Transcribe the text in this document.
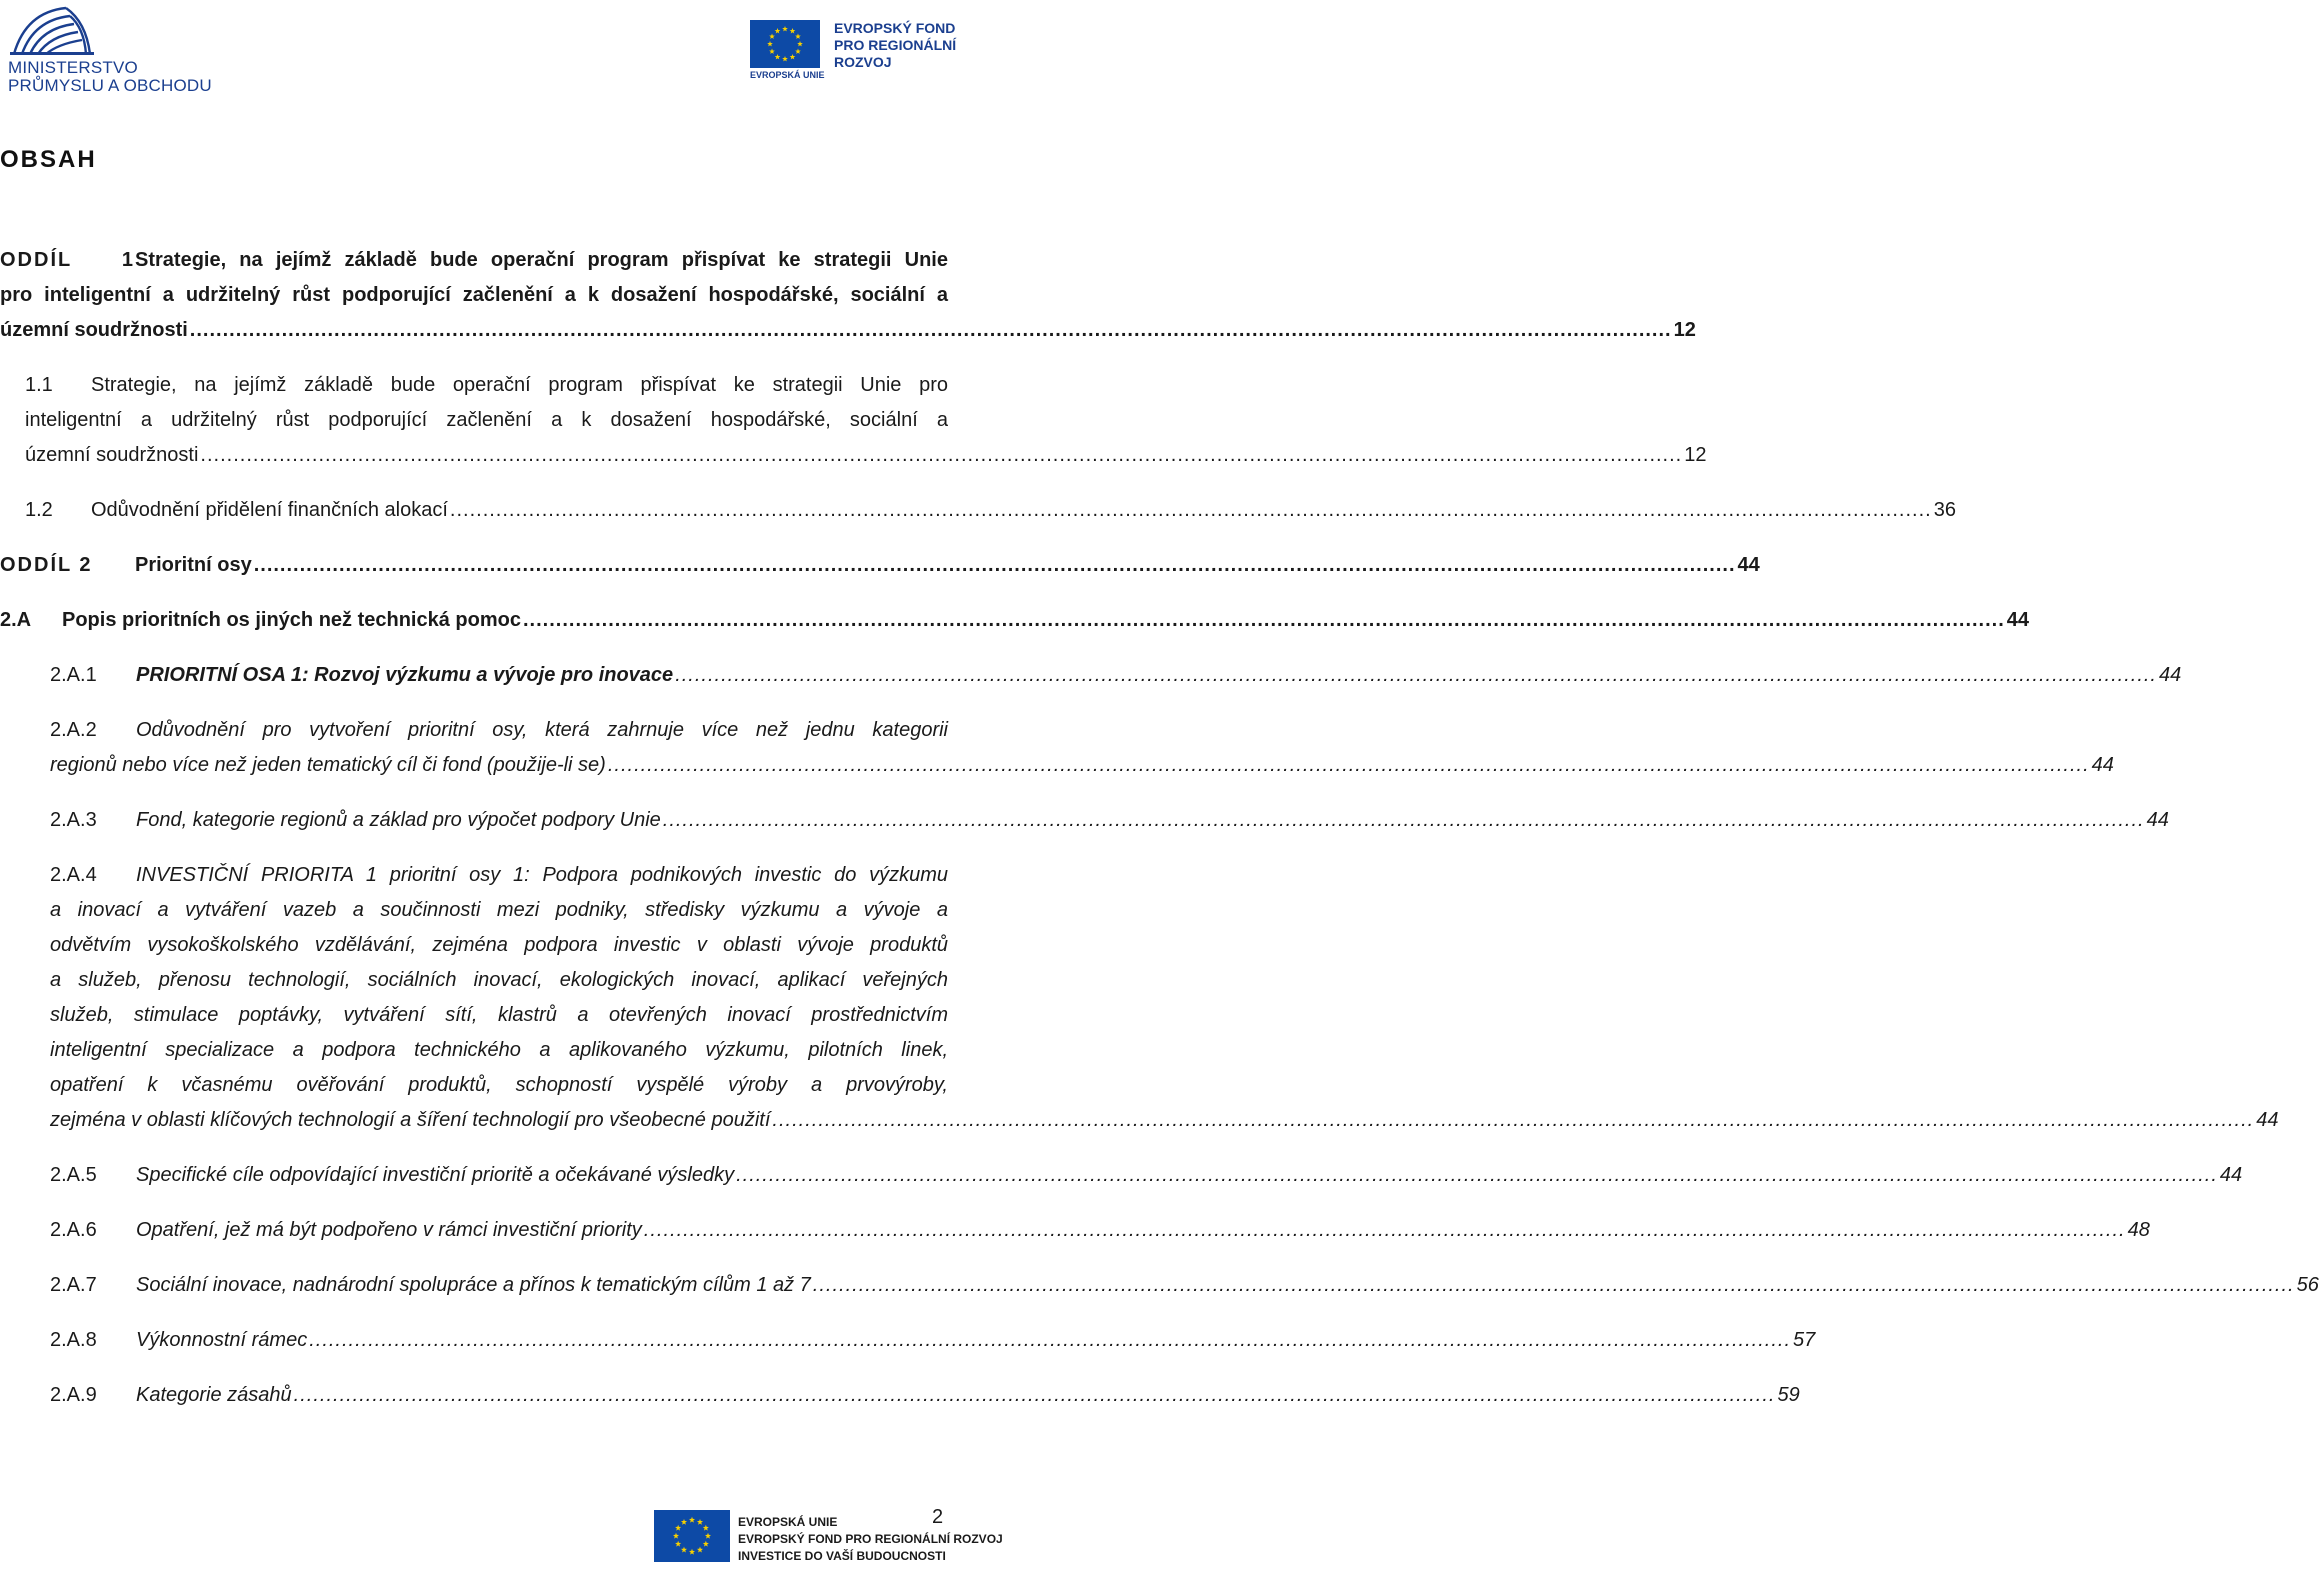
MINISTERSTVO
PRŮMYSLU A OBCHODU
EVROPSKÁ UNIE
EVROPSKÝ FOND
PRO REGIONÁLNÍ
ROZVOJ
OBSAH
ODDÍL 1Strategie, na jejímž základě bude operační program přispívat ke strategii Unie
pro inteligentní a udržitelný růst podporující začlenění a k dosažení hospodářské, sociální a
územní soudržnosti .....	12
1.1 Strategie, na jejímž základě bude operační program přispívat ke strategii Unie pro
inteligentní a udržitelný růst podporující začlenění a k dosažení hospodářské, sociální a
územní soudržnosti .....	12
1.2 Odůvodnění přidělení finančních alokací .....	36
ODDÍL 2 Prioritní osy .....	44
2.A Popis prioritních os jiných než technická pomoc .....	44
2.A.1 PRIORITNÍ OSA 1: Rozvoj výzkumu a vývoje pro inovace .....	44
2.A.2 Odůvodnění pro vytvoření prioritní osy, která zahrnuje více než jednu kategorii
regionů nebo více než jeden tematický cíl či fond (použije-li se) .....	44
2.A.3 Fond, kategorie regionů a základ pro výpočet podpory Unie .....	44
2.A.4 INVESTIČNÍ PRIORITA 1 prioritní osy 1: Podpora podnikových investic do výzkumu
a inovací a vytváření vazeb a součinnosti mezi podniky, středisky výzkumu a vývoje a
odvětvím vysokoškolského vzdělávání, zejména podpora investic v oblasti vývoje produktů
a služeb, přenosu technologií, sociálních inovací, ekologických inovací, aplikací veřejných
služeb, stimulace poptávky, vytváření sítí, klastrů a otevřených inovací prostřednictvím
inteligentní specializace a podpora technického a aplikovaného výzkumu, pilotních linek,
opatření k včasnému ověřování produktů, schopností vyspělé výroby a prvovýroby,
zejména v oblasti klíčových technologií a šíření technologií pro všeobecné použití .....	44
2.A.5 Specifické cíle odpovídající investiční prioritě a očekávané výsledky .....	44
2.A.6 Opatření, jež má být podpořeno v rámci investiční priority .....	48
2.A.7 Sociální inovace, nadnárodní spolupráce a přínos k tematickým cílům 1 až 7 .....	56
2.A.8 Výkonnostní rámec .....	57
2.A.9 Kategorie zásahů .....	59
2
EVROPSKÁ UNIE
EVROPSKÝ FOND PRO REGIONÁLNÍ ROZVOJ
INVESTICE DO VAŠÍ BUDOUCNOSTI
